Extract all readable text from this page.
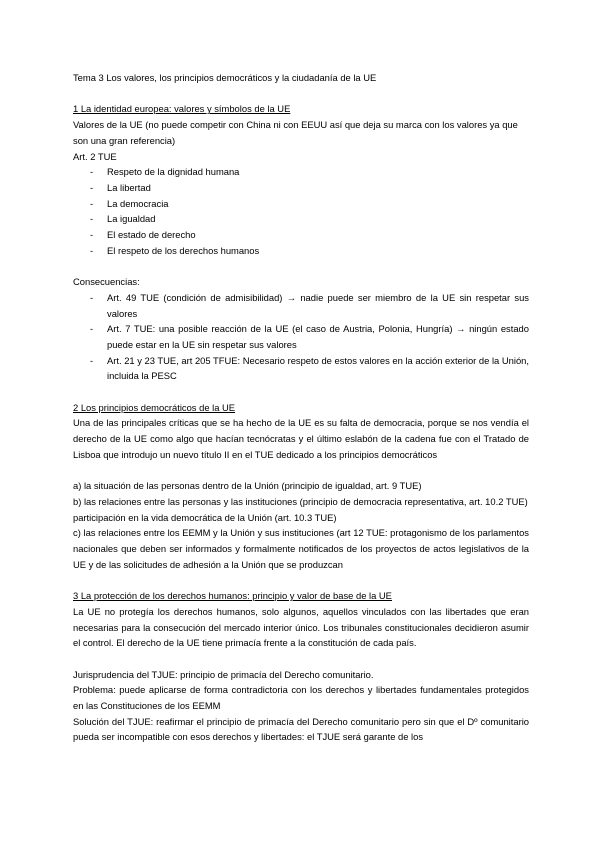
Tema 3 Los valores, los principios democráticos y la ciudadanía de la UE

1 La identidad europea: valores y símbolos de la UE

Valores de la UE (no puede competir con China ni con EEUU así que deja su marca con los valores ya que son una gran referencia)

Art. 2 TUE

- Respeto de la dignidad humana
- La libertad
- La democracia
- La igualdad
- El estado de derecho
- El respeto de los derechos humanos

Consecuencias:

- Art. 49 TUE (condición de admisibilidad) → nadie puede ser miembro de la UE sin respetar sus valores
- Art. 7 TUE: una posible reacción de la UE (el caso de Austria, Polonia, Hungría) → ningún estado puede estar en la UE sin respetar sus valores
- Art. 21 y 23 TUE, art 205 TFUE: Necesario respeto de estos valores en la acción exterior de la Unión, incluida la PESC

2 Los principios democráticos de la UE

Una de las principales críticas que se ha hecho de la UE es su falta de democracia, porque se nos vendía el derecho de la UE como algo que hacían tecnócratas y el último eslabón de la cadena fue con el Tratado de Lisboa que introdujo un nuevo título II en el TUE dedicado a los principios democráticos

a) la situación de las personas dentro de la Unión (principio de igualdad, art. 9 TUE)

b) las relaciones entre las personas y las instituciones (principio de democracia representativa, art. 10.2 TUE)

participación en la vida democrática de la Unión (art. 10.3 TUE)

c) las relaciones entre los EEMM y la Unión y sus instituciones (art 12 TUE: protagonismo de los parlamentos nacionales que deben ser informados y formalmente notificados de los proyectos de actos legislativos de la UE y de las solicitudes de adhesión a la Unión que se produzcan

3 La protección de los derechos humanos: principio y valor de base de la UE

La UE no protegía los derechos humanos, solo algunos, aquellos vinculados con las libertades que eran necesarias para la consecución del mercado interior único. Los tribunales constitucionales decidieron asumir el control. El derecho de la UE tiene primacía frente a la constitución de cada país.

Jurisprudencia del TJUE: principio de primacía del Derecho comunitario.

Problema: puede aplicarse de forma contradictoria con los derechos y libertades fundamentales protegidos en las Constituciones de los EEMM

Solución del TJUE: reafirmar el principio de primacía del Derecho comunitario pero sin que el Dº comunitario pueda ser incompatible con esos derechos y libertades: el TJUE será garante de los
